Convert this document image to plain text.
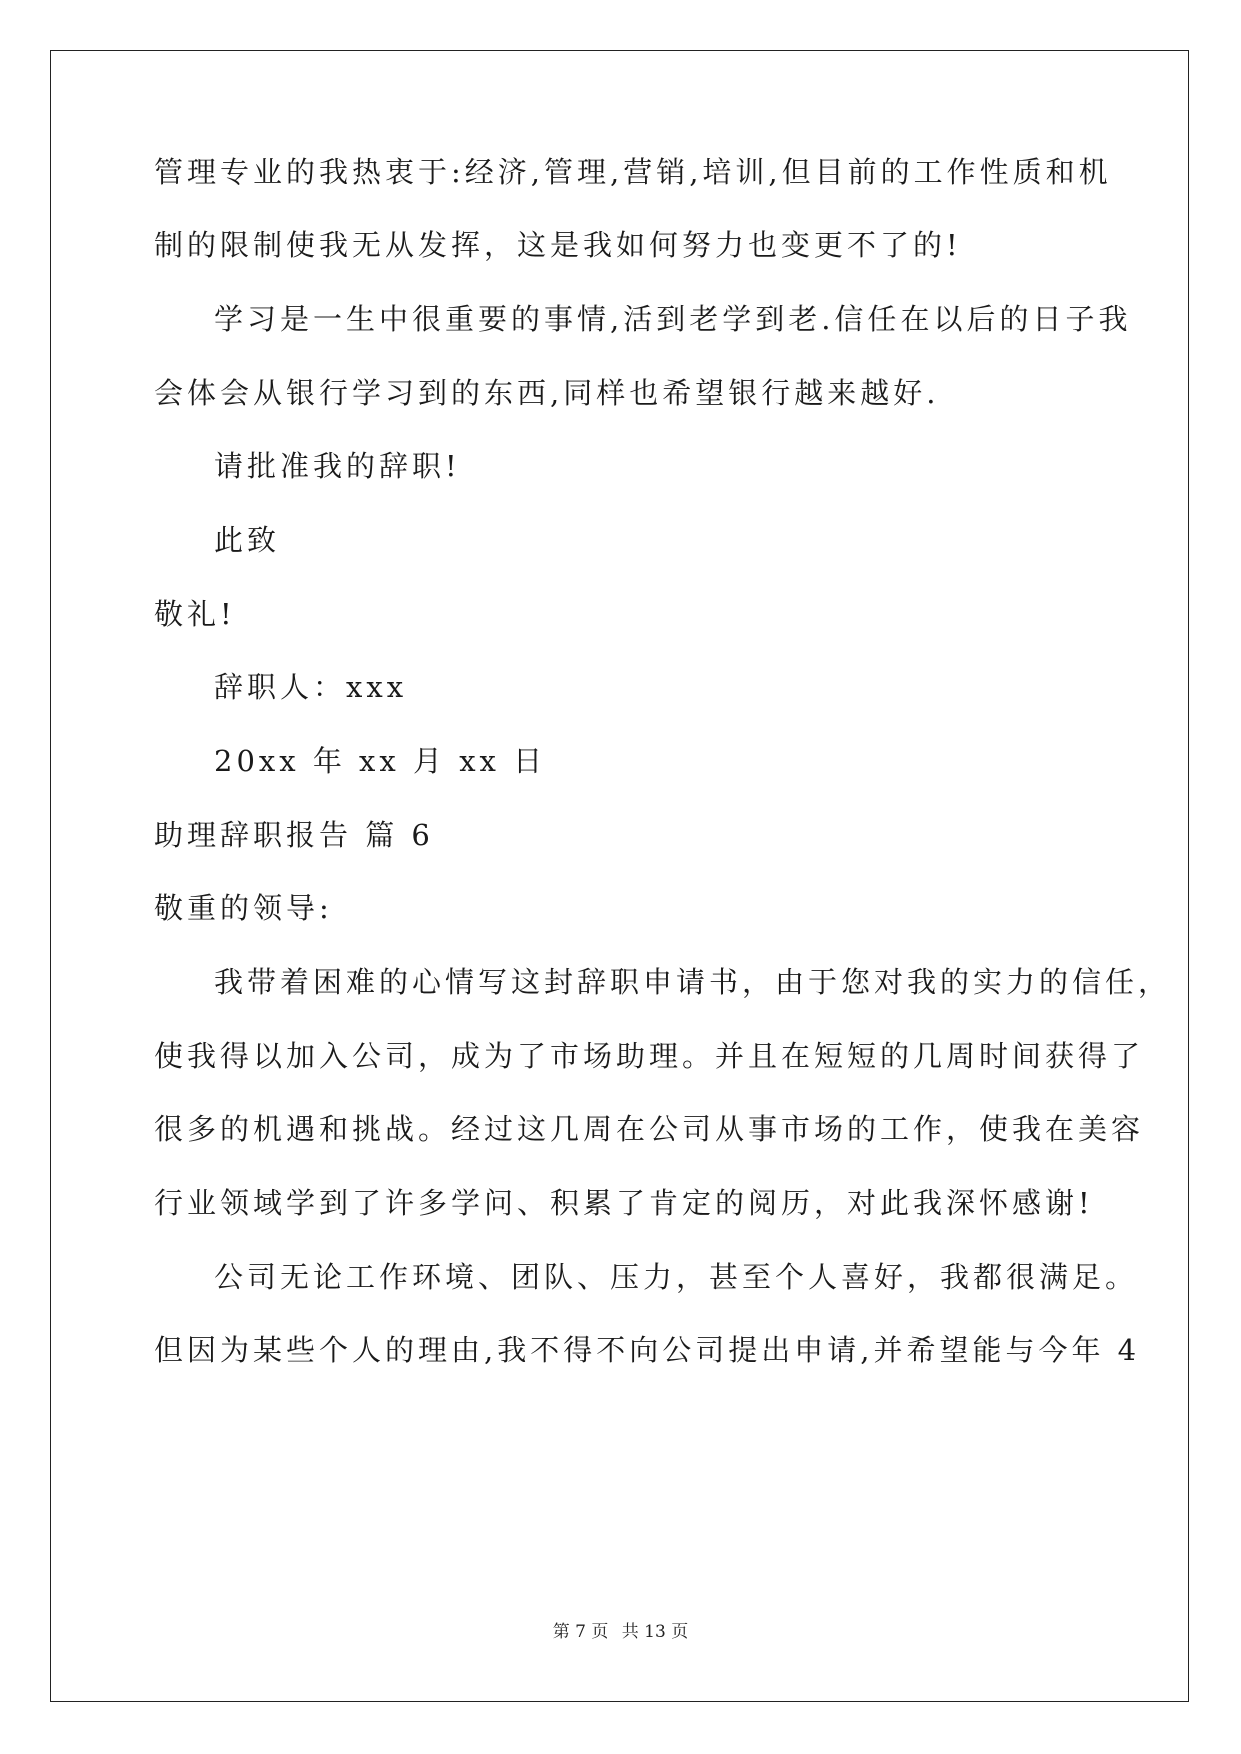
管理专业的我热衷于:经济,管理,营销,培训,但目前的工作性质和机
制的限制使我无从发挥，这是我如何努力也变更不了的!
学习是一生中很重要的事情,活到老学到老.信任在以后的日子我
会体会从银行学习到的东西,同样也希望银行越来越好.
请批准我的辞职!
此致
敬礼!
辞职人：xxx
20xx 年 xx 月 xx 日
助理辞职报告 篇 6
敬重的领导:
我带着困难的心情写这封辞职申请书，由于您对我的实力的信任，
使我得以加入公司，成为了市场助理。并且在短短的几周时间获得了
很多的机遇和挑战。经过这几周在公司从事市场的工作，使我在美容
行业领域学到了许多学问、积累了肯定的阅历，对此我深怀感谢!
公司无论工作环境、团队、压力，甚至个人喜好，我都很满足。
但因为某些个人的理由,我不得不向公司提出申请,并希望能与今年 4
第 7 页 共 13 页
